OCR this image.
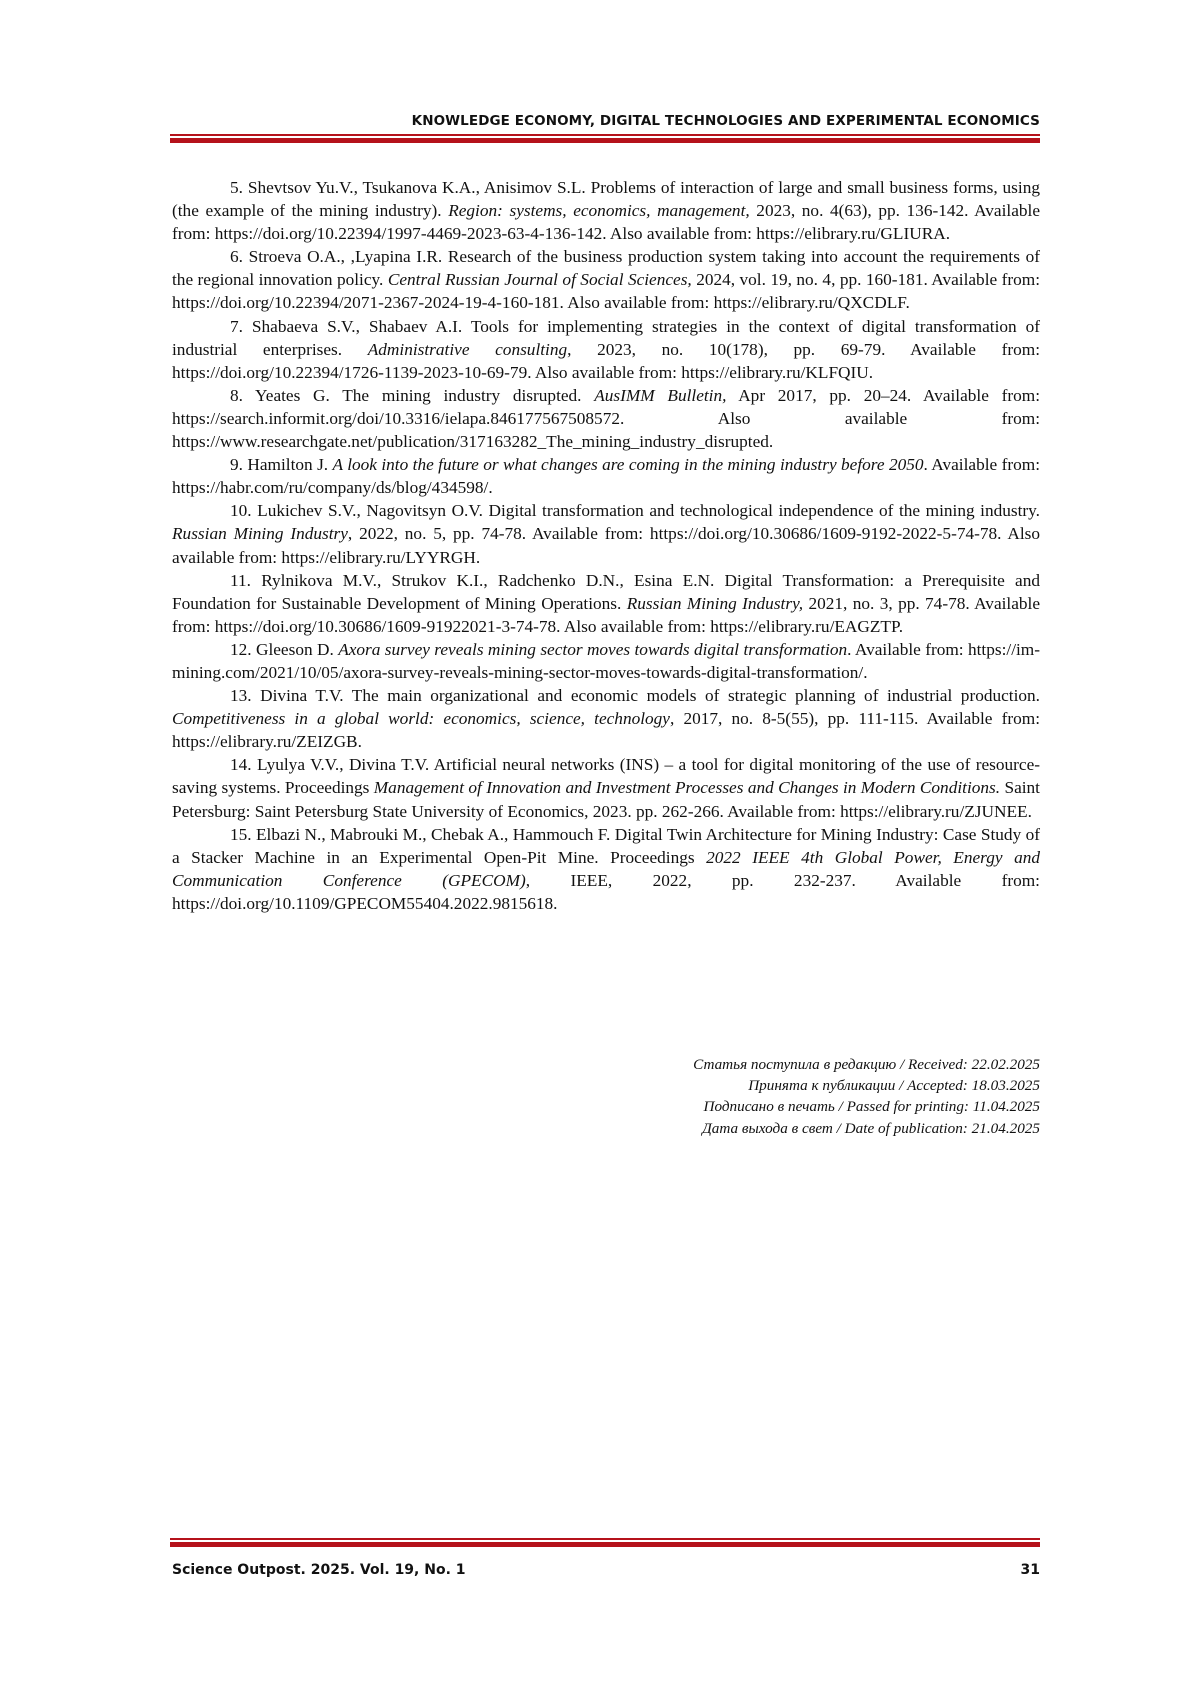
KNOWLEDGE ECONOMY, DIGITAL TECHNOLOGIES AND EXPERIMENTAL ECONOMICS

5. Shevtsov Yu.V., Tsukanova K.A., Anisimov S.L. Problems of interaction of large and small business forms, using (the example of the mining industry). Region: systems, economics, management, 2023, no. 4(63), pp. 136-142. Available from: https://doi.org/10.22394/1997-4469-2023-63-4-136-142. Also available from: https://elibrary.ru/GLIURA.

6. Stroeva O.A., ,Lyapina I.R. Research of the business production system taking into account the requirements of the regional innovation policy. Central Russian Journal of Social Sciences, 2024, vol. 19, no. 4, pp. 160-181. Available from: https://doi.org/10.22394/2071-2367-2024-19-4-160-181. Also available from: https://elibrary.ru/QXCDLF.

7. Shabaeva S.V., Shabaev A.I. Tools for implementing strategies in the context of digital transformation of industrial enterprises. Administrative consulting, 2023, no. 10(178), pp. 69-79. Available from: https://doi.org/10.22394/1726-1139-2023-10-69-79. Also available from: https://elibrary.ru/KLFQIU.

8. Yeates G. The mining industry disrupted. AusIMM Bulletin, Apr 2017, pp. 20–24. Available from: https://search.informit.org/doi/10.3316/ielapa.846177567508572. Also available from: https://www.researchgate.net/publication/317163282_The_mining_industry_disrupted.

9. Hamilton J. A look into the future or what changes are coming in the mining industry before 2050. Available from: https://habr.com/ru/company/ds/blog/434598/.

10. Lukichev S.V., Nagovitsyn O.V. Digital transformation and technological independence of the mining industry. Russian Mining Industry, 2022, no. 5, pp. 74-78. Available from: https://doi.org/10.30686/1609-9192-2022-5-74-78. Also available from: https://elibrary.ru/LYYRGH.

11. Rylnikova M.V., Strukov K.I., Radchenko D.N., Esina E.N. Digital Transformation: a Prerequisite and Foundation for Sustainable Development of Mining Operations. Russian Mining Industry, 2021, no. 3, pp. 74-78. Available from: https://doi.org/10.30686/1609-91922021-3-74-78. Also available from: https://elibrary.ru/EAGZTP.

12. Gleeson D. Axora survey reveals mining sector moves towards digital transformation. Available from: https://im-mining.com/2021/10/05/axora-survey-reveals-mining-sector-moves-towards-digital-transformation/.

13. Divina T.V. The main organizational and economic models of strategic planning of industrial production. Competitiveness in a global world: economics, science, technology, 2017, no. 8-5(55), pp. 111-115. Available from: https://elibrary.ru/ZEIZGB.

14. Lyulya V.V., Divina T.V. Artificial neural networks (INS) – a tool for digital monitoring of the use of resource-saving systems. Proceedings Management of Innovation and Investment Processes and Changes in Modern Conditions. Saint Petersburg: Saint Petersburg State University of Economics, 2023. pp. 262-266. Available from: https://elibrary.ru/ZJUNEE.

15. Elbazi N., Mabrouki M., Chebak A., Hammouch F. Digital Twin Architecture for Mining Industry: Case Study of a Stacker Machine in an Experimental Open-Pit Mine. Proceedings 2022 IEEE 4th Global Power, Energy and Communication Conference (GPECOM), IEEE, 2022, pp. 232-237. Available from: https://doi.org/10.1109/GPECOM55404.2022.9815618.

Статья поступила в редакцию / Received: 22.02.2025
Принята к публикации / Accepted: 18.03.2025
Подписано в печать / Passed for printing: 11.04.2025
Дата выхода в свет / Date of publication: 21.04.2025
Science Outpost. 2025. Vol. 19, No. 1	31
